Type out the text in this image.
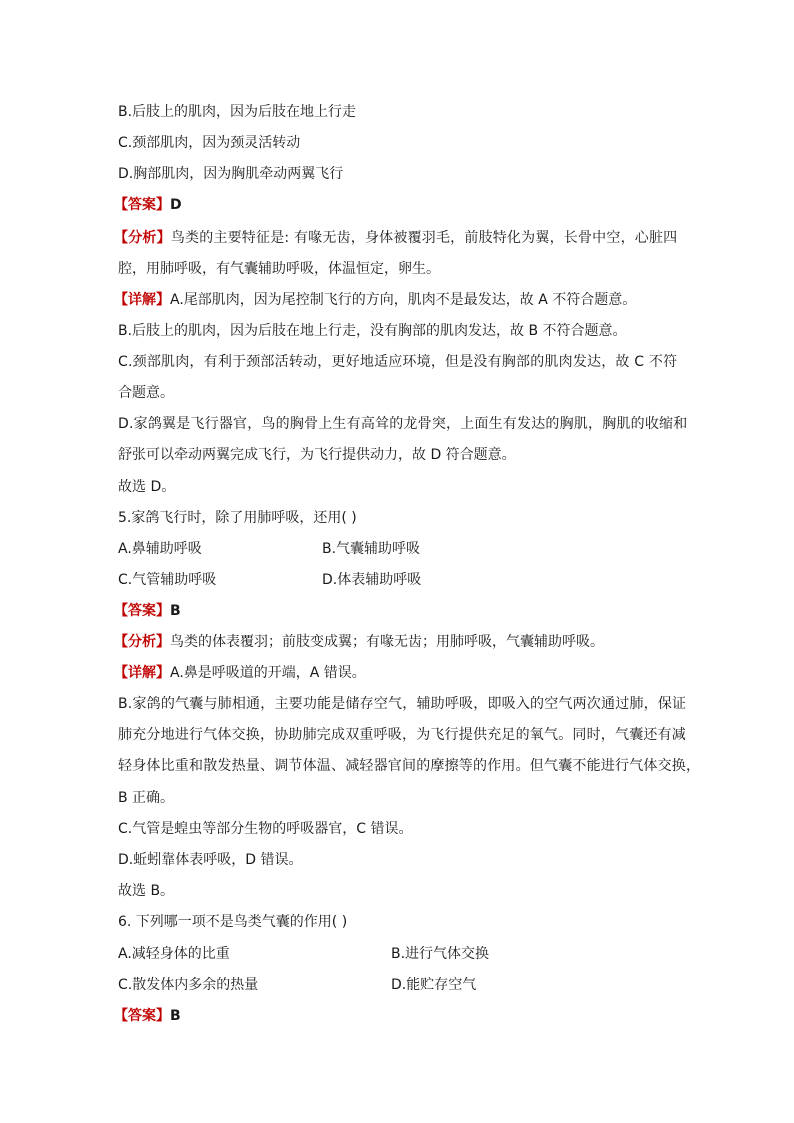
B.后肢上的肌肉，因为后肢在地上行走
C.颈部肌肉，因为颈灵活转动
D.胸部肌肉，因为胸肌牵动两翼飞行
【答案】D
【分析】鸟类的主要特征是: 有喙无齿，身体被覆羽毛，前肢特化为翼，长骨中空，心脏四
腔，用肺呼吸，有气囊辅助呼吸，体温恒定，卵生。
【详解】A.尾部肌肉，因为尾控制飞行的方向，肌肉不是最发达，故 A 不符合题意。
B.后肢上的肌肉，因为后肢在地上行走，没有胸部的肌肉发达，故 B 不符合题意。
C.颈部肌肉，有利于颈部活转动，更好地适应环境，但是没有胸部的肌肉发达，故 C 不符
合题意。
D.家鸽翼是飞行器官，鸟的胸骨上生有高耸的龙骨突，上面生有发达的胸肌，胸肌的收缩和
舒张可以牵动两翼完成飞行，为飞行提供动力，故 D 符合题意。
故选 D。
5.家鸽飞行时，除了用肺呼吸，还用( )
A.鼻辅助呼吸	B.气囊辅助呼吸
C.气管辅助呼吸	D.体表辅助呼吸
【答案】B
【分析】鸟类的体表覆羽；前肢变成翼；有喙无齿；用肺呼吸，气囊辅助呼吸。
【详解】A.鼻是呼吸道的开端，A 错误。
B.家鸽的气囊与肺相通，主要功能是储存空气，辅助呼吸，即吸入的空气两次通过肺，保证
肺充分地进行气体交换，协助肺完成双重呼吸，为飞行提供充足的氧气。同时，气囊还有减
轻身体比重和散发热量、调节体温、减轻器官间的摩擦等的作用。但气囊不能进行气体交换，
B 正确。
C.气管是蝗虫等部分生物的呼吸器官，C 错误。
D.蚯蚓靠体表呼吸，D 错误。
故选 B。
6. 下列哪一项不是鸟类气囊的作用( )
A.减轻身体的比重	B.进行气体交换
C.散发体内多余的热量	D.能贮存空气
【答案】B
